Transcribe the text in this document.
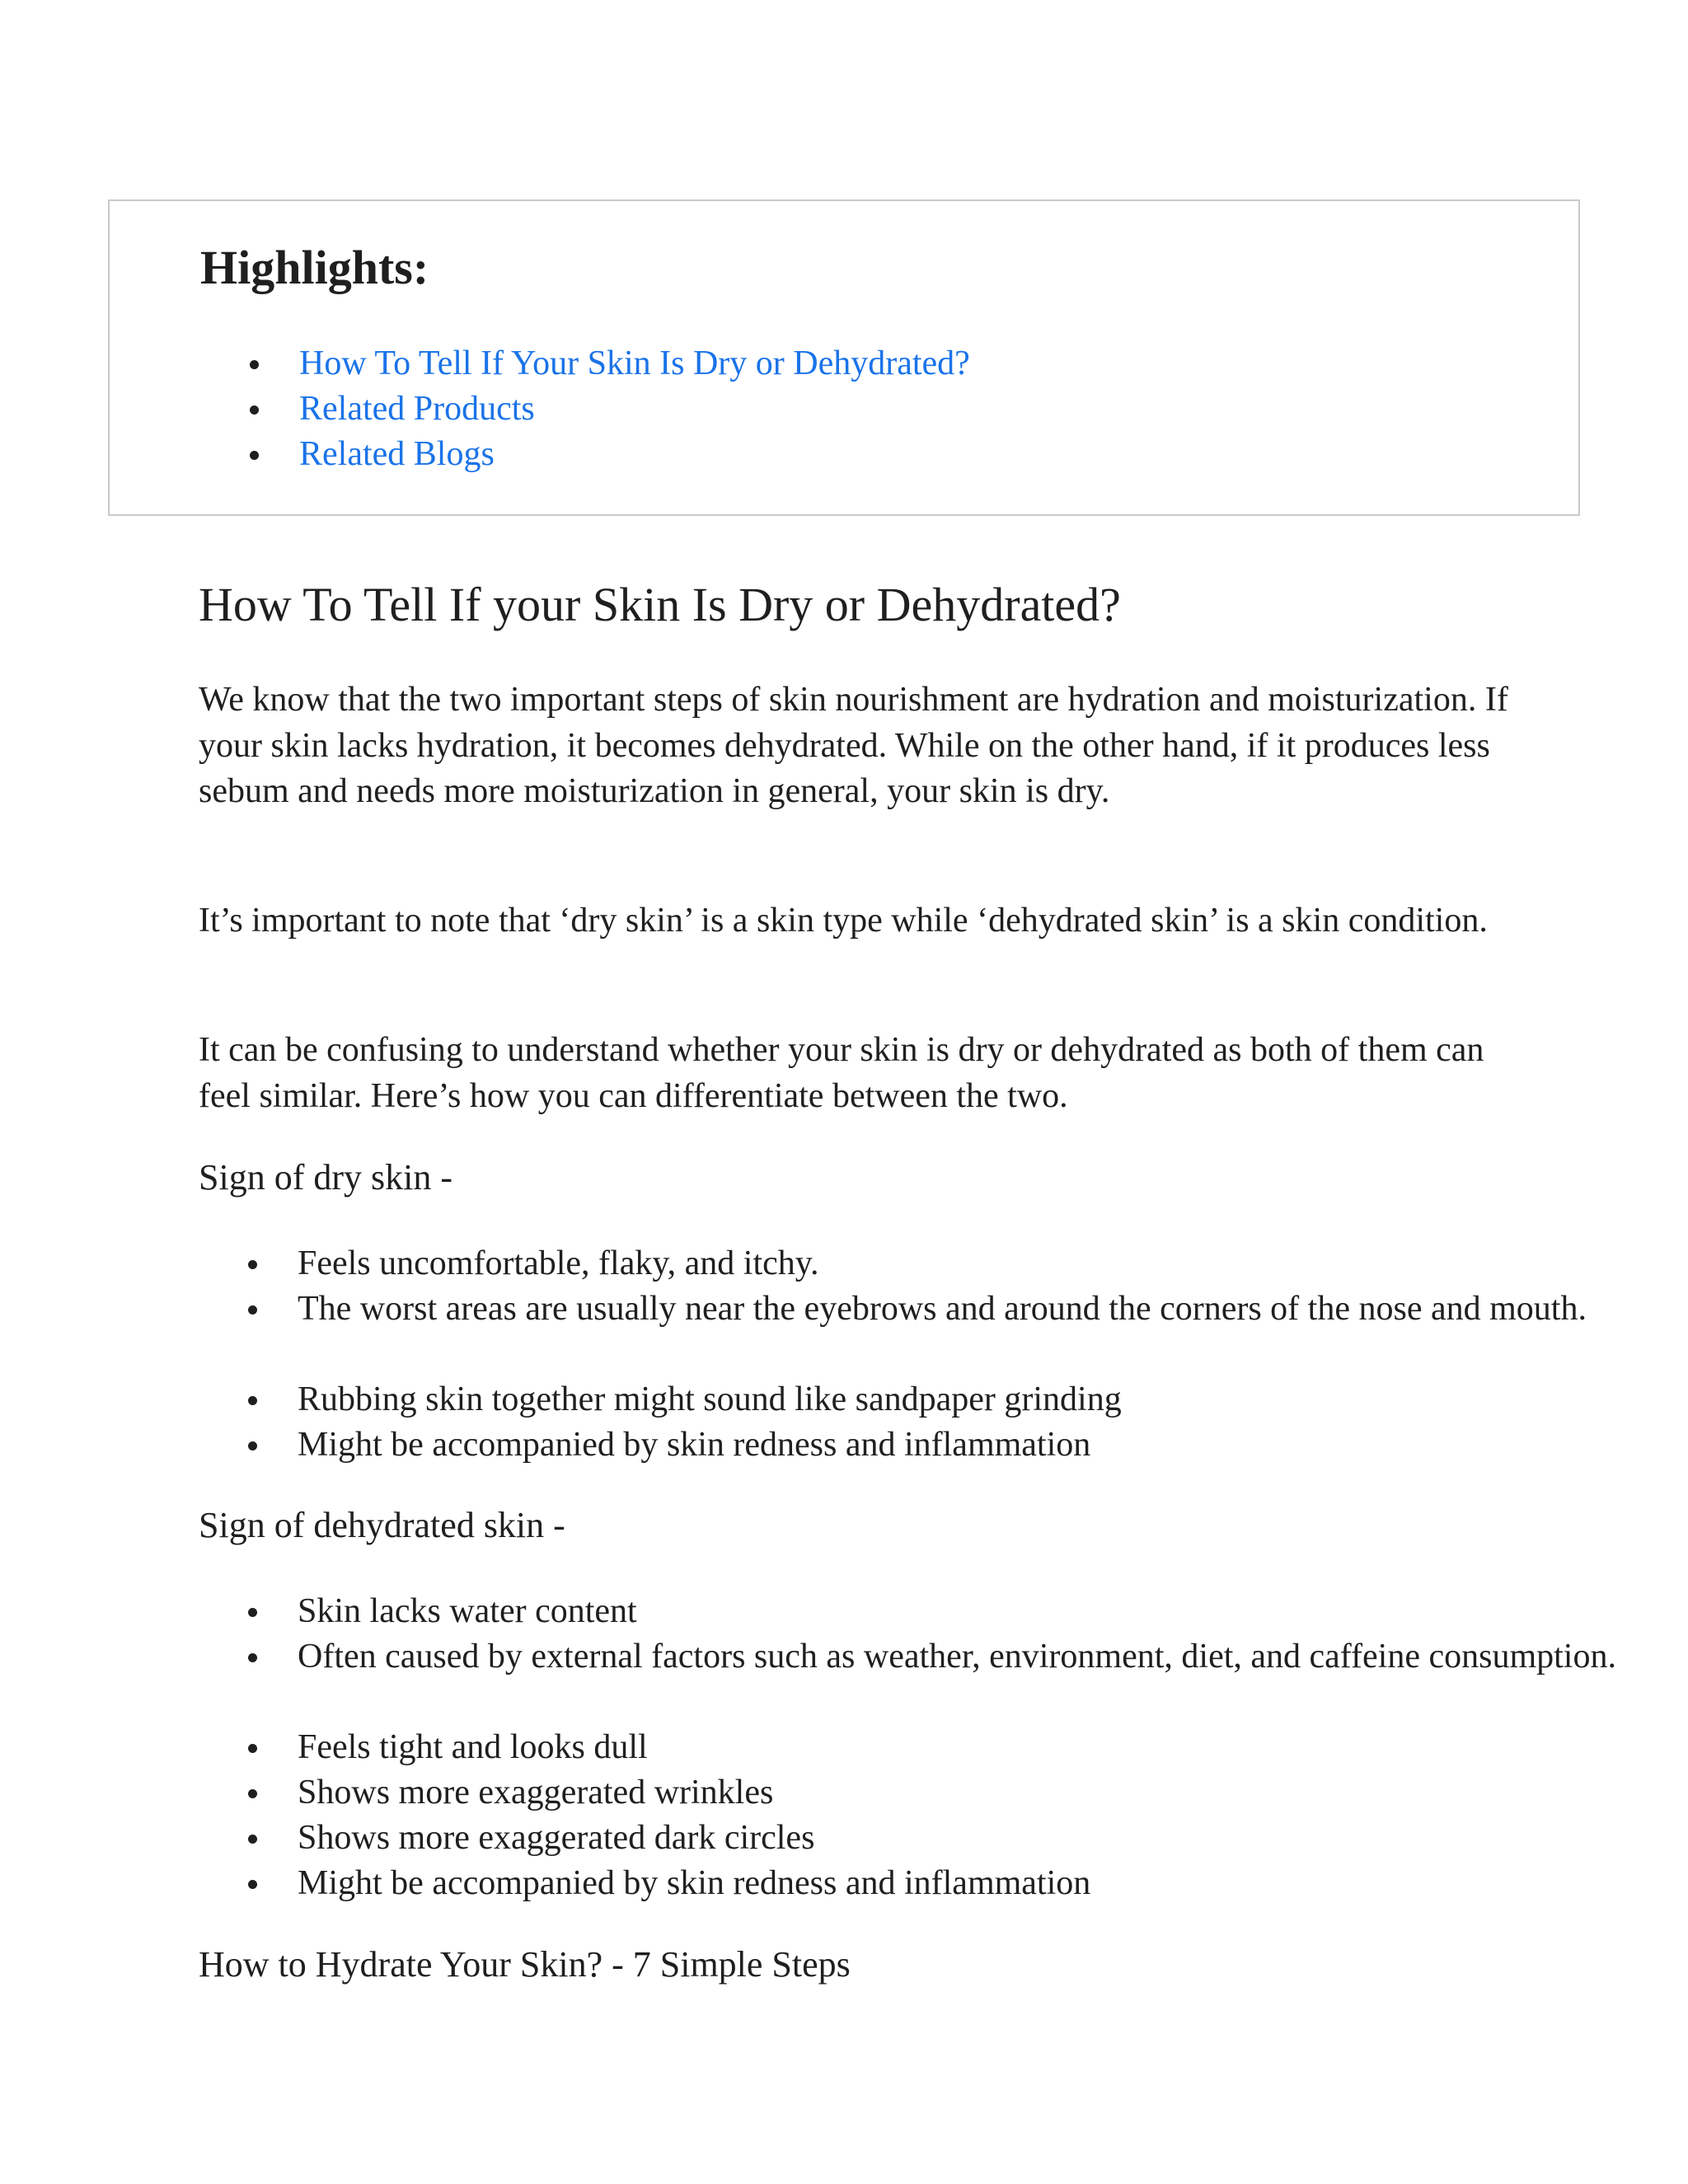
Highlights:
How To Tell If Your Skin Is Dry or Dehydrated?
Related Products
Related Blogs
How To Tell If your Skin Is Dry or Dehydrated?

We know that the two important steps of skin nourishment are hydration and moisturization. If your skin lacks hydration, it becomes dehydrated. While on the other hand, if it produces less sebum and needs more moisturization in general, your skin is dry.

It’s important to note that ‘dry skin’ is a skin type while ‘dehydrated skin’ is a skin condition.

It can be confusing to understand whether your skin is dry or dehydrated as both of them can feel similar. Here’s how you can differentiate between the two.

Sign of dry skin -
Feels uncomfortable, flaky, and itchy.
The worst areas are usually near the eyebrows and around the corners of the nose and mouth.
Rubbing skin together might sound like sandpaper grinding
Might be accompanied by skin redness and inflammation
Sign of dehydrated skin -
Skin lacks water content
Often caused by external factors such as weather, environment, diet, and caffeine consumption.
Feels tight and looks dull
Shows more exaggerated wrinkles
Shows more exaggerated dark circles
Might be accompanied by skin redness and inflammation
How to Hydrate Your Skin? - 7 Simple Steps
